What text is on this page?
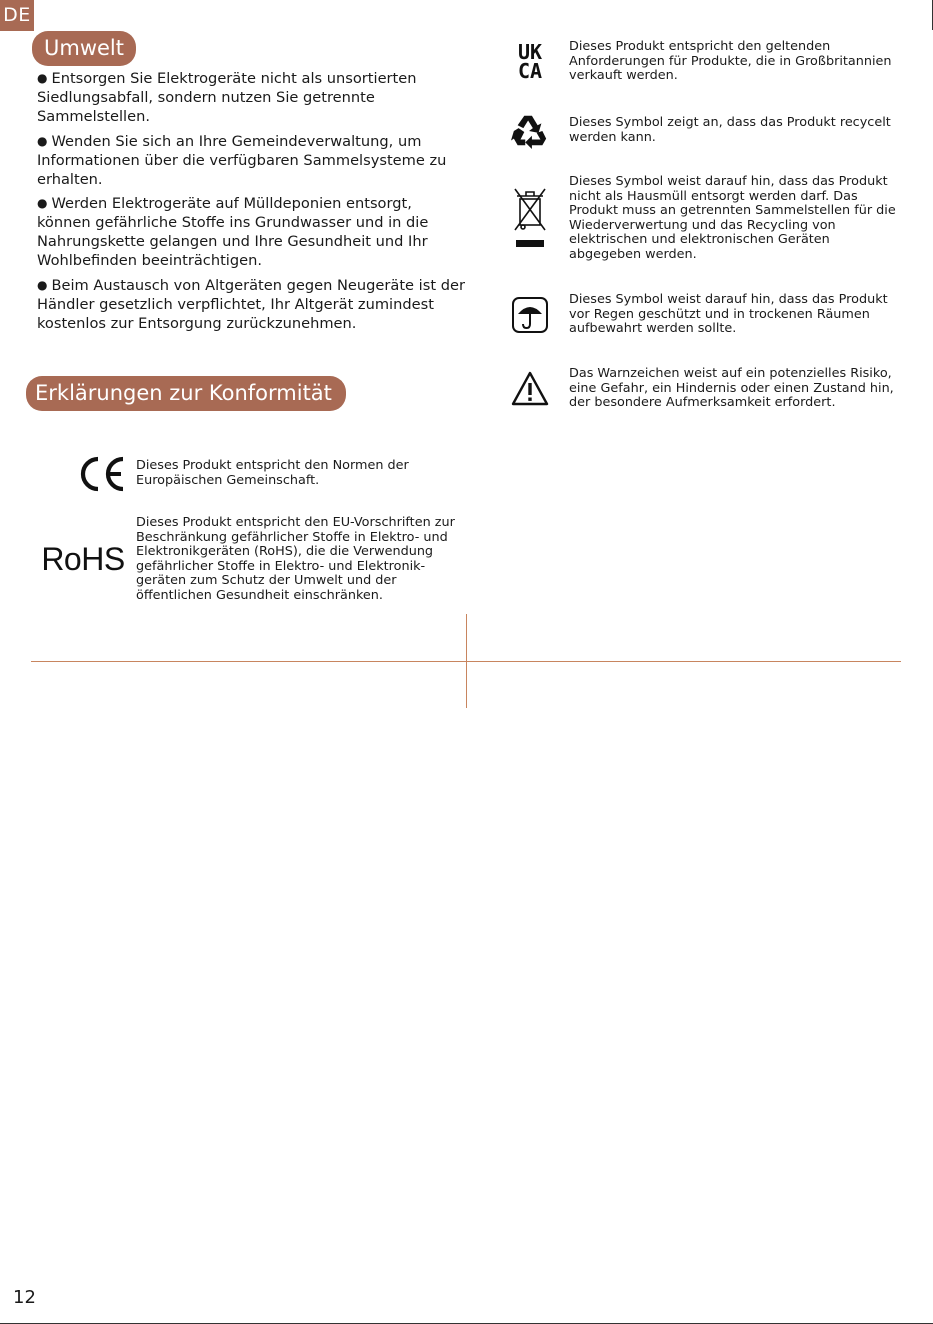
DE
Umwelt

● Entsorgen Sie Elektrogeräte nicht als unsortierten Siedlungsabfall, sondern nutzen Sie getrennte Sammelstellen.

● Wenden Sie sich an Ihre Gemeindeverwaltung, um Informationen über die verfügbaren Sammelsysteme zu erhalten.

● Werden Elektrogeräte auf Mülldeponien entsorgt, können gefährliche Stoffe ins Grundwasser und in die Nahrungskette gelangen und Ihre Gesundheit und Ihr Wohlbefinden beeinträchtigen.

● Beim Austausch von Altgeräten gegen Neugeräte ist der Händler gesetzlich verpflichtet, Ihr Altgerät zumindest kostenlos zur Entsorgung zurückzunehmen.

Erklärungen zur Konformität
Dieses Produkt entspricht den Normen der Europäischen Gemeinschaft.
RoHS
Dieses Produkt entspricht den EU-Vorschriften zur Beschränkung gefährlicher Stoffe in Elektro- und Elektronikgeräten (RoHS), die die Verwendung gefährlicher Stoffe in Elektro- und Elektronik-geräten zum Schutz der Umwelt und der öffentlichen Gesundheit einschränken.
UK
CA
Dieses Produkt entspricht den geltenden Anforderungen für Produkte, die in Großbritannien verkauft werden.
Dieses Symbol zeigt an, dass das Produkt recycelt werden kann.
Dieses Symbol weist darauf hin, dass das Produkt nicht als Hausmüll entsorgt werden darf. Das Produkt muss an getrennten Sammelstellen für die Wiederverwertung und das Recycling von elektrischen und elektronischen Geräten abgegeben werden.
Dieses Symbol weist darauf hin, dass das Produkt vor Regen geschützt und in trockenen Räumen aufbewahrt werden sollte.
Das Warnzeichen weist auf ein potenzielles Risiko, eine Gefahr, ein Hindernis oder einen Zustand hin, der besondere Aufmerksamkeit erfordert.
12
